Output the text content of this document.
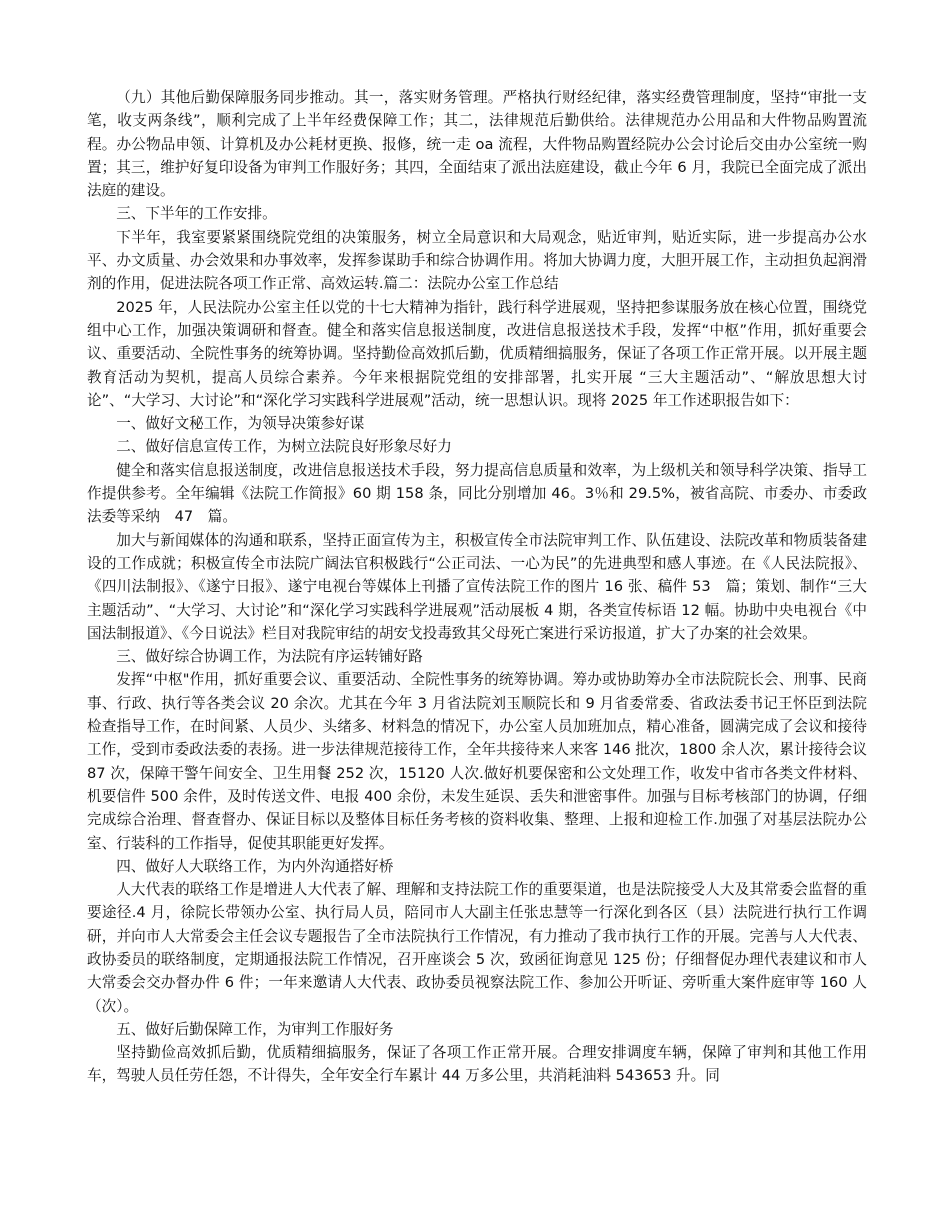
（九）其他后勤保障服务同步推动。其一，落实财务管理。严格执行财经纪律，落实经费管理制度，坚持“审批一支笔，收支两条线”，顺利完成了上半年经费保障工作；其二，法律规范后勤供给。法律规范办公用品和大件物品购置流程。办公物品申领、计算机及办公耗材更换、报修，统一走 oa 流程，大件物品购置经院办公会讨论后交由办公室统一购置；其三，维护好复印设备为审判工作服好务；其四，全面结束了派出法庭建设，截止今年 6 月，我院已全面完成了派出法庭的建设。

三、下半年的工作安排。

下半年，我室要紧紧围绕院党组的决策服务，树立全局意识和大局观念，贴近审判，贴近实际，进一步提高办公水平、办文质量、办会效果和办事效率，发挥参谋助手和综合协调作用。将加大协调力度，大胆开展工作，主动担负起润滑剂的作用，促进法院各项工作正常、高效运转.篇二：法院办公室工作总结

2025 年，人民法院办公室主任以党的十七大精神为指针，践行科学进展观，坚持把参谋服务放在核心位置，围绕党组中心工作，加强决策调研和督查。健全和落实信息报送制度，改进信息报送技术手段，发挥“中枢”作用，抓好重要会议、重要活动、全院性事务的统筹协调。坚持勤俭高效抓后勤，优质精细搞服务，保证了各项工作正常开展。以开展主题教育活动为契机，提高人员综合素养。今年来根据院党组的安排部署，扎实开展 “三大主题活动”、“解放思想大讨论”、“大学习、大讨论”和“深化学习实践科学进展观”活动，统一思想认识。现将 2025 年工作述职报告如下：

一、做好文秘工作，为领导决策参好谋

二、做好信息宣传工作，为树立法院良好形象尽好力

健全和落实信息报送制度，改进信息报送技术手段，努力提高信息质量和效率，为上级机关和领导科学决策、指导工作提供参考。全年编辑《法院工作简报》60 期 158 条，同比分别增加 46。3％和 29.5%，被省高院、市委办、市委政法委等采纳　47　篇。

加大与新闻媒体的沟通和联系，坚持正面宣传为主，积极宣传全市法院审判工作、队伍建设、法院改革和物质装备建设的工作成就；积极宣传全市法院广阔法官积极践行“公正司法、一心为民”的先进典型和感人事迹。在《人民法院报》、《四川法制报》、《遂宁日报》、遂宁电视台等媒体上刊播了宣传法院工作的图片 16 张、稿件 53　篇；策划、制作“三大主题活动”、“大学习、大讨论”和“深化学习实践科学进展观”活动展板 4 期，各类宣传标语 12 幅。协助中央电视台《中国法制报道》、《今日说法》栏目对我院审结的胡安戈投毒致其父母死亡案进行采访报道，扩大了办案的社会效果。

三、做好综合协调工作，为法院有序运转铺好路

发挥“中枢"作用，抓好重要会议、重要活动、全院性事务的统筹协调。筹办或协助筹办全市法院院长会、刑事、民商事、行政、执行等各类会议 20 余次。尤其在今年 3 月省法院刘玉顺院长和 9 月省委常委、省政法委书记王怀臣到法院检查指导工作，在时间紧、人员少、头绪多、材料急的情况下，办公室人员加班加点，精心准备，圆满完成了会议和接待工作，受到市委政法委的表扬。进一步法律规范接待工作，全年共接待来人来客 146 批次，1800 余人次，累计接待会议 87 次，保障干警午间安全、卫生用餐 252 次，15120 人次.做好机要保密和公文处理工作，收发中省市各类文件材料、机要信件 500 余件，及时传送文件、电报 400 余份，未发生延误、丢失和泄密事件。加强与目标考核部门的协调，仔细完成综合治理、督查督办、保证目标以及整体目标任务考核的资料收集、整理、上报和迎检工作.加强了对基层法院办公室、行装科的工作指导，促使其职能更好发挥。

四、做好人大联络工作，为内外沟通搭好桥

人大代表的联络工作是增进人大代表了解、理解和支持法院工作的重要渠道，也是法院接受人大及其常委会监督的重要途径.4 月，徐院长带领办公室、执行局人员，陪同市人大副主任张忠慧等一行深化到各区（县）法院进行执行工作调研，并向市人大常委会主任会议专题报告了全市法院执行工作情况，有力推动了我市执行工作的开展。完善与人大代表、政协委员的联络制度，定期通报法院工作情况，召开座谈会 5 次，致函征询意见 125 份；仔细督促办理代表建议和市人大常委会交办督办件 6 件；一年来邀请人大代表、政协委员视察法院工作、参加公开听证、旁听重大案件庭审等 160 人（次）。

五、做好后勤保障工作，为审判工作服好务

坚持勤俭高效抓后勤，优质精细搞服务，保证了各项工作正常开展。合理安排调度车辆，保障了审判和其他工作用车，驾驶人员任劳任怨，不计得失，全年安全行车累计 44 万多公里，共消耗油料 543653 升。同
